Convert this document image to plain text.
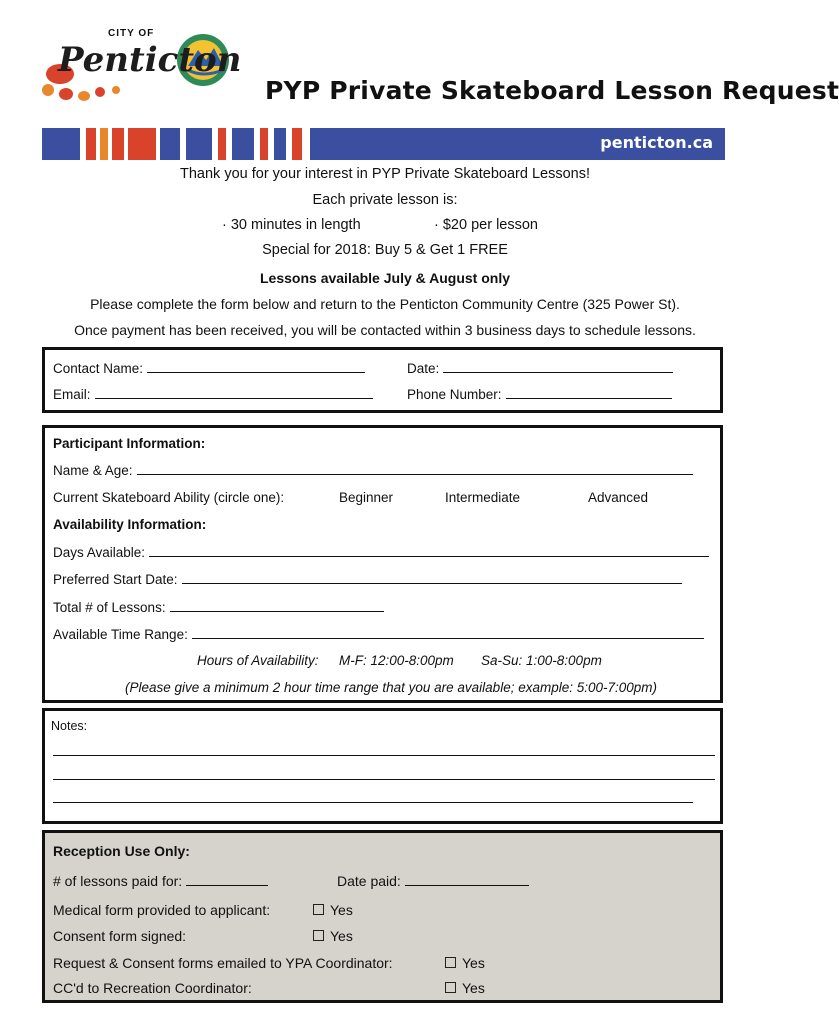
CITY OF
Penticton
PYP Private Skateboard Lesson Request
penticton.ca
Thank you for your interest in PYP Private Skateboard Lessons!
Each private lesson is:
· 30 minutes in length	· $20 per lesson
Special for 2018: Buy 5 & Get 1 FREE
Lessons available July & August only
Please complete the form below and return to the Penticton Community Centre (325 Power St).
Once payment has been received, you will be contacted within 3 business days to schedule lessons.
Contact Name:	Date:
Email:	Phone Number:
Participant Information:
Name & Age:
Current Skateboard Ability (circle one):	Beginner	Intermediate	Advanced
Availability Information:
Days Available:
Preferred Start Date:
Total # of Lessons:
Available Time Range:
Hours of Availability: M-F: 12:00-8:00pm Sa-Su: 1:00-8:00pm
(Please give a minimum 2 hour time range that you are available; example: 5:00-7:00pm)
Notes:
Reception Use Only:
# of lessons paid for:	Date paid:
Medical form provided to applicant:	Yes
Consent form signed:	Yes
Request & Consent forms emailed to YPA Coordinator:	Yes
CC'd to Recreation Coordinator:	Yes
